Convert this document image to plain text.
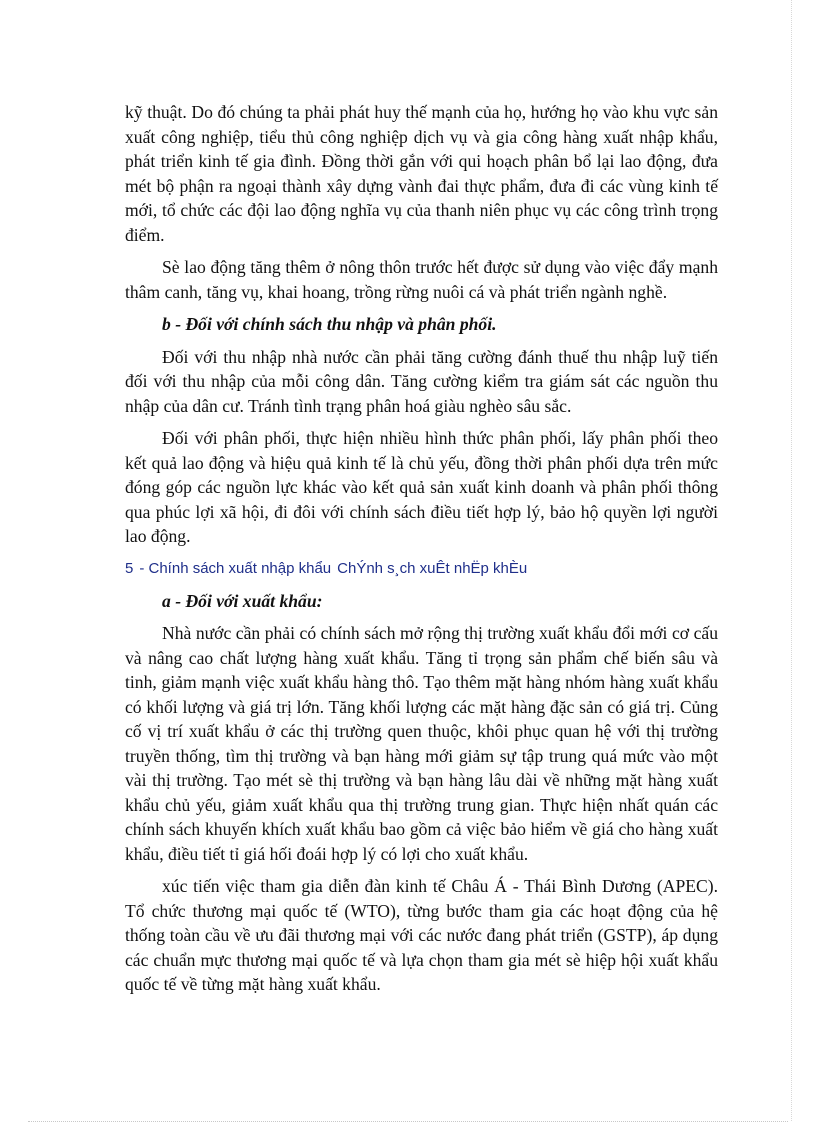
kỹ thuật. Do đó chúng ta phải phát huy thế mạnh của họ, hướng họ vào khu vực sản xuất công nghiệp, tiểu thủ công nghiệp dịch vụ và gia công hàng xuất nhập khẩu, phát triển kinh tế gia đình. Đồng thời gắn với qui hoạch phân bổ lại lao động, đưa mét bộ phận ra ngoại thành xây dựng vành đai thực phẩm, đưa đi các vùng kinh tế mới, tổ chức các đội lao động nghĩa vụ của thanh niên phục vụ các công trình trọng điểm.

Sè lao động tăng thêm ở nông thôn trước hết được sử dụng vào việc đẩy mạnh thâm canh, tăng vụ, khai hoang, trồng rừng nuôi cá và phát triển ngành nghề.

b - Đối với chính sách thu nhập và phân phối.

Đối với thu nhập nhà nước cần phải tăng cường đánh thuế thu nhập luỹ tiến đối với thu nhập của mỗi công dân. Tăng cường kiểm tra giám sát các nguồn thu nhập của dân cư. Tránh tình trạng phân hoá giàu nghèo sâu sắc.

Đối với phân phối, thực hiện nhiều hình thức phân phối, lấy phân phối theo kết quả lao động và hiệu quả kinh tế là chủ yếu, đồng thời phân phối dựa trên mức đóng góp các nguồn lực khác vào kết quả sản xuất kinh doanh và phân phối thông qua phúc lợi xã hội, đi đôi với chính sách điều tiết hợp lý, bảo hộ quyền lợi người lao động.

5 - Chính sách xuất nhập khẩu ChÝnh s¸ch xuÊt nhËp khÈu

a - Đối với xuất khẩu:

Nhà nước cần phải có chính sách mở rộng thị trường xuất khẩu đổi mới cơ cấu và nâng cao chất lượng hàng xuất khẩu. Tăng tỉ trọng sản phẩm chế biến sâu và tinh, giảm mạnh việc xuất khẩu hàng thô. Tạo thêm mặt hàng nhóm hàng xuất khẩu có khối lượng và giá trị lớn. Tăng khối lượng các mặt hàng đặc sản có giá trị. Củng cố vị trí xuất khẩu ở các thị trường quen thuộc, khôi phục quan hệ với thị trường truyền thống, tìm thị trường và bạn hàng mới giảm sự tập trung quá mức vào một vài thị trường. Tạo mét sè thị trường và bạn hàng lâu dài về những mặt hàng xuất khẩu chủ yếu, giảm xuất khẩu qua thị trường trung gian. Thực hiện nhất quán các chính sách khuyến khích xuất khẩu bao gồm cả việc bảo hiểm về giá cho hàng xuất khẩu, điều tiết tỉ giá hối đoái hợp lý có lợi cho xuất khẩu.

xúc tiến việc tham gia diễn đàn kinh tế Châu Á - Thái Bình Dương (APEC). Tổ chức thương mại quốc tế (WTO), từng bước tham gia các hoạt động của hệ thống toàn cầu về ưu đãi thương mại với các nước đang phát triển (GSTP), áp dụng các chuẩn mực thương mại quốc tế và lựa chọn tham gia mét sè hiệp hội xuất khẩu quốc tế về từng mặt hàng xuất khẩu.
